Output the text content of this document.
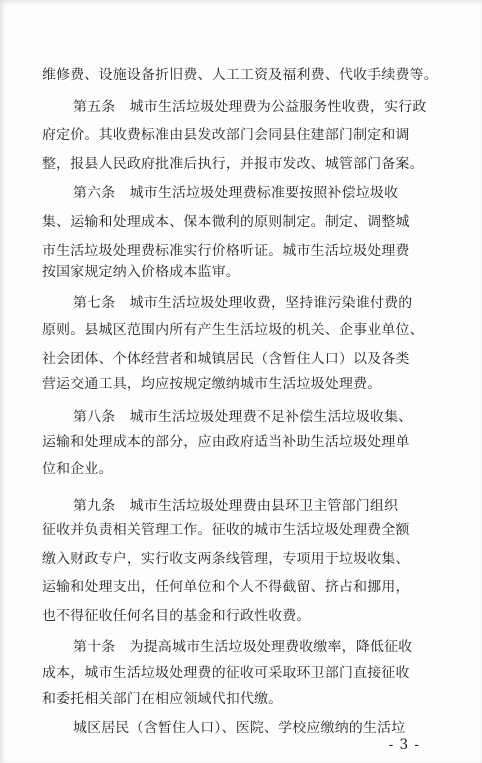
维修费、设施设备折旧费、人工工资及福利费、代收手续费等。
第五条　城市生活垃圾处理费为公益服务性收费，实行政
府定价。其收费标准由县发改部门会同县住建部门制定和调
整，报县人民政府批准后执行，并报市发改、城管部门备案。
第六条　城市生活垃圾处理费标准要按照补偿垃圾收
集、运输和处理成本、保本微利的原则制定。制定、调整城
市生活垃圾处理费标准实行价格听证。城市生活垃圾处理费
按国家规定纳入价格成本监审。
第七条　城市生活垃圾处理收费，坚持谁污染谁付费的
原则。县城区范围内所有产生生活垃圾的机关、企事业单位、
社会团体、个体经营者和城镇居民（含暂住人口）以及各类
营运交通工具，均应按规定缴纳城市生活垃圾处理费。
第八条　城市生活垃圾处理费不足补偿生活垃圾收集、
运输和处理成本的部分，应由政府适当补助生活垃圾处理单
位和企业。
第九条　城市生活垃圾处理费由县环卫主管部门组织
征收并负责相关管理工作。征收的城市生活垃圾处理费全额
缴入财政专户，实行收支两条线管理，专项用于垃圾收集、
运输和处理支出，任何单位和个人不得截留、挤占和挪用，
也不得征收任何名目的基金和行政性收费。
第十条　为提高城市生活垃圾处理费收缴率，降低征收
成本，城市生活垃圾处理费的征收可采取环卫部门直接征收
和委托相关部门在相应领域代扣代缴。
城区居民（含暂住人口）、医院、学校应缴纳的生活垃
- 3 -
